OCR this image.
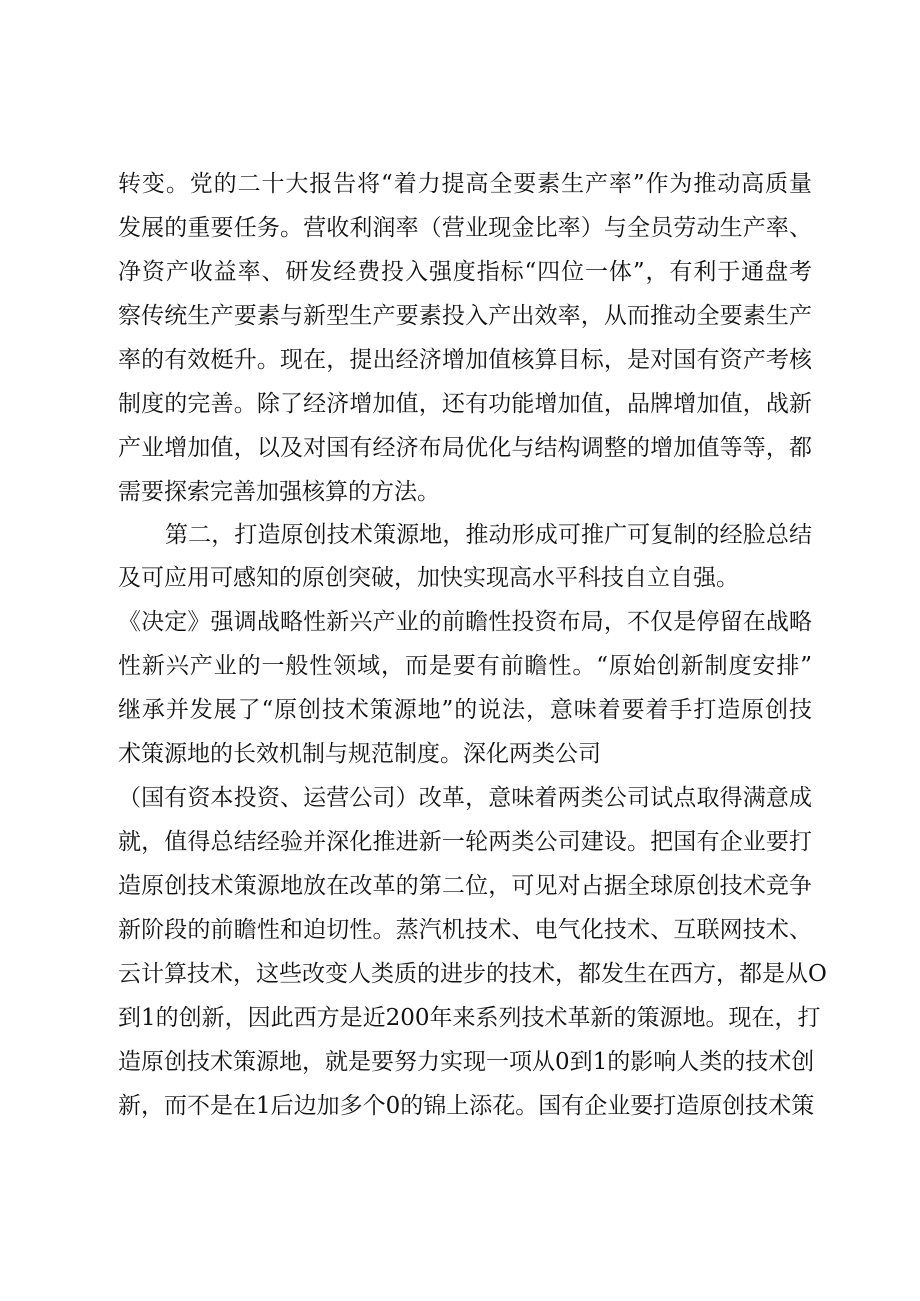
转变。党的二十大报告将“着力提高全要素生产率”作为推动高质量
发展的重要任务。营收利润率（营业现金比率）与全员劳动生产率、
净资产收益率、研发经费投入强度指标“四位一体”，有利于通盘考
察传统生产要素与新型生产要素投入产出效率，从而推动全要素生产
率的有效梃升。现在，提出经济增加值核算目标，是对国有资产考核
制度的完善。除了经济增加值，还有功能增加值，品牌增加值，战新
产业增加值，以及对国有经济布局优化与结构调整的增加值等等，都
需要探索完善加强核算的方法。
第二，打造原创技术策源地，推动形成可推广可复制的经脸总结
及可应用可感知的原创突破，加快实现高水平科技自立自强。
《决定》强调战略性新兴产业的前瞻性投资布局，不仅是停留在战略
性新兴产业的一般性领域，而是要有前瞻性。“原始创新制度安排”
继承并发展了“原创技术策源地”的说法，意味着要着手打造原创技
术策源地的长效机制与规范制度。深化两类公司
（国有资本投资、运营公司）改革，意味着两类公司试点取得满意成
就，值得总结经验并深化推进新一轮两类公司建设。把国有企业要打
造原创技术策源地放在改革的第二位，可见对占据全球原创技术竞争
新阶段的前瞻性和迫切性。蒸汽机技术、电气化技术、互联网技术、
云计算技术，这些改变人类质的进步的技术，都发生在西方，都是从O
到1的创新，因此西方是近200年来系列技术革新的策源地。现在，打
造原创技术策源地，就是要努力实现一项从0到1的影响人类的技术创
新，而不是在1后边加多个0的锦上添花。国有企业要打造原创技术策
